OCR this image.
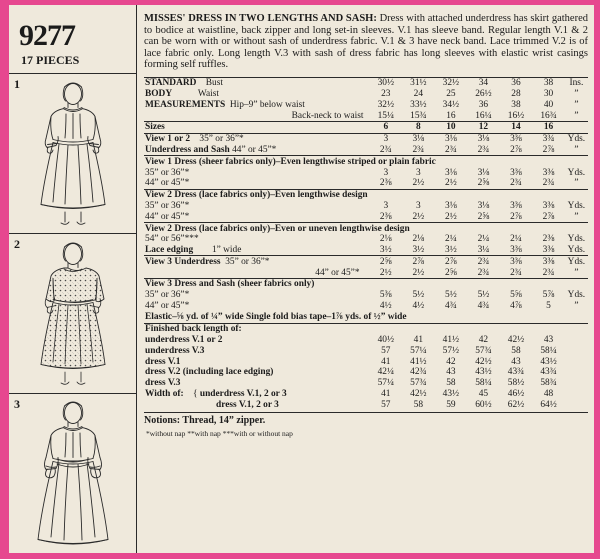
9277
17 PIECES
1
2
3

MISSES' DRESS IN TWO LENGTHS AND SASH: Dress with attached underdress has skirt gathered to bodice at waistline, back zipper and long set-in sleeves. V.1 has sleeve band. Regular length V.1 & 2 can be worn with or without sash of underdress fabric. V.1 & 3 have neck band. Lace trimmed V.2 is of lace fabric only. Long length V.3 with sash of dress fabric has long sleeves with elastic wrist casings forming self ruffles.

STANDARD Bust	30½	31½	32½	34	36	38	Ins.
BODY Waist	23	24	25	26½	28	30	”
MEASUREMENTS Hip–9” below waist	32½	33½	34½	36	38	40	”
Back-neck to waist	15¼	15¾	16	16¼	16½	16¾	”
Sizes	6	8	10	12	14	16	
View 1 or 2 35” or 36”*	3	3⅛	3⅛	3⅛	3⅜	3¾	Yds.
Underdress and Sash 44” or 45”*	2¾	2¾	2¾	2¾	2⅞	2⅞	”
View 1 Dress (sheer fabrics only)–Even lengthwise striped or plain fabric							
35” or 36”*	3	3	3⅛	3⅛	3⅜	3⅜	Yds.
44” or 45”*	2⅜	2½	2½	2⅝	2¾	2¾	”
View 2 Dress (lace fabrics only)–Even lengthwise design							
35” or 36”*	3	3	3⅛	3⅛	3⅜	3⅜	Yds.
44” or 45”*	2⅜	2½	2½	2⅝	2⅞	2⅞	”
View 2 Dress (lace fabrics only)–Even or uneven lengthwise design							
54” or 56”***	2⅛	2⅛	2¼	2¼	2¼	2⅜	Yds.
Lace edging 1” wide	3½	3½	3½	3¼	3⅜	3⅜	Yds.
View 3 Underdress 35” or 36”*	2⅝	2⅞	2⅞	2¾	3⅜	3⅜	Yds.
44” or 45”*	2½	2½	2⅝	2¾	2¾	2¾	”
View 3 Dress and Sash (sheer fabrics only)							
35” or 36”*	5⅜	5½	5½	5½	5⅝	5⅞	Yds.
44” or 45”*	4½	4½	4¾	4¾	4⅞	5	”
Elastic–⅝ yd. of ¼” wide Single fold bias tape–1⅞ yds. of ½” wide							
Finished back length of:							
underdress V.1 or 2	40½	41	41½	42	42½	43	
underdress V.3	57	57¼	57½	57¾	58	58¼	
dress V.1	41	41½	42	42½	43	43½	
dress V.2 (including lace edging)	42¼	42¾	43	43½	43¾	43¾	
dress V.3	57¼	57¾	58	58¼	58½	58¾	
Width of:    { underdress V.1, 2 or 3	41	42½	43½	45	46½	48	
dress V.1, 2 or 3	57	58	59	60½	62½	64½	
Notions: Thread, 14” zipper.
*without nap **with nap ***with or without nap
